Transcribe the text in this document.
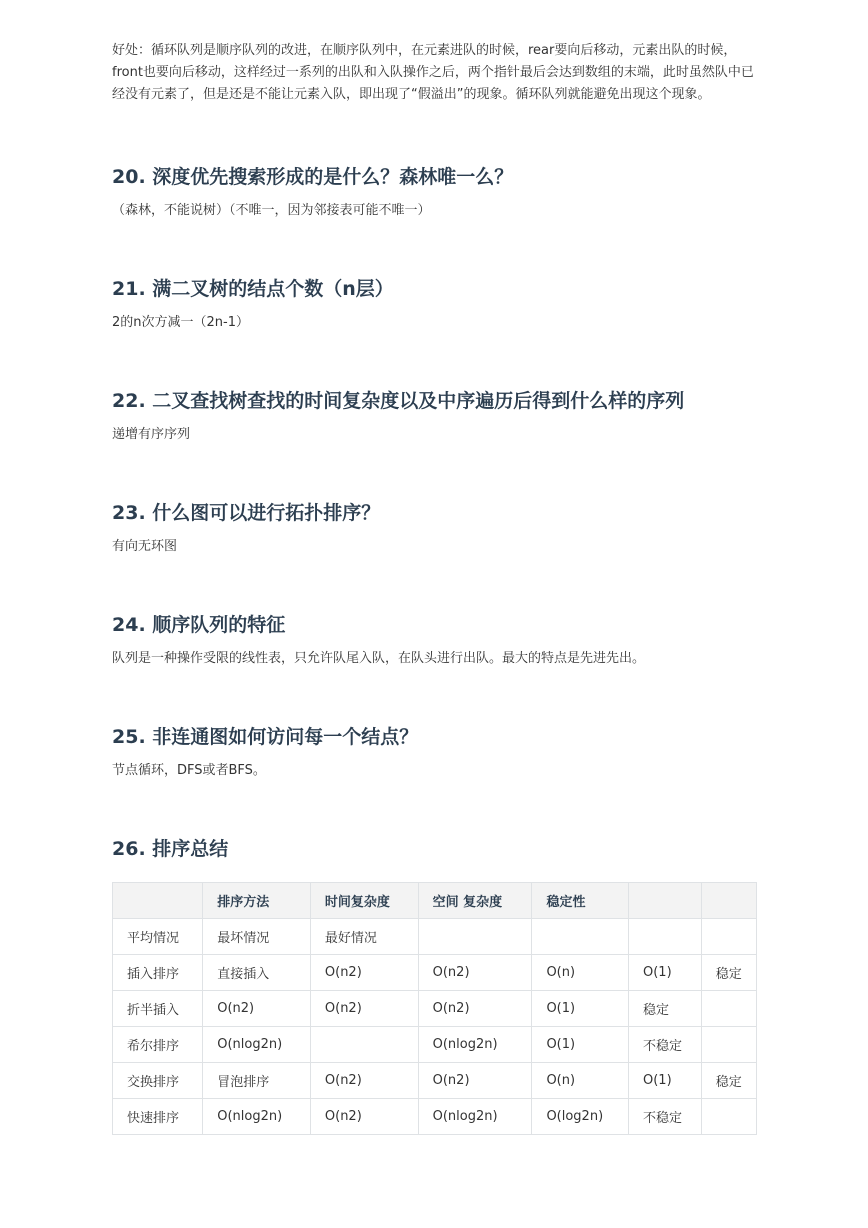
好处：循环队列是顺序队列的改进，在顺序队列中，在元素进队的时候，rear要向后移动，元素出队的时候，front也要向后移动，这样经过一系列的出队和入队操作之后，两个指针最后会达到数组的末端，此时虽然队中已经没有元素了，但是还是不能让元素入队，即出现了“假溢出”的现象。循环队列就能避免出现这个现象。

20. 深度优先搜索形成的是什么？森林唯一么？

（森林，不能说树）（不唯一，因为邻接表可能不唯一）

21. 满二叉树的结点个数（n层）

2的n次方减一（2n-1）

22. 二叉查找树查找的时间复杂度以及中序遍历后得到什么样的序列

递增有序序列

23. 什么图可以进行拓扑排序？

有向无环图

24. 顺序队列的特征

队列是一种操作受限的线性表，只允许队尾入队，在队头进行出队。最大的特点是先进先出。

25. 非连通图如何访问每一个结点？

节点循环，DFS或者BFS。

26. 排序总结
	排序方法	时间复杂度	空间 复杂度	稳定性		
平均情况	最坏情况	最好情况				
插入排序	直接插入	O(n2)	O(n2)	O(n)	O(1)	稳定
折半插入	O(n2)	O(n2)	O(n2)	O(1)	稳定	
希尔排序	O(nlog2n)		O(nlog2n)	O(1)	不稳定	
交换排序	冒泡排序	O(n2)	O(n2)	O(n)	O(1)	稳定
快速排序	O(nlog2n)	O(n2)	O(nlog2n)	O(log2n)	不稳定	
